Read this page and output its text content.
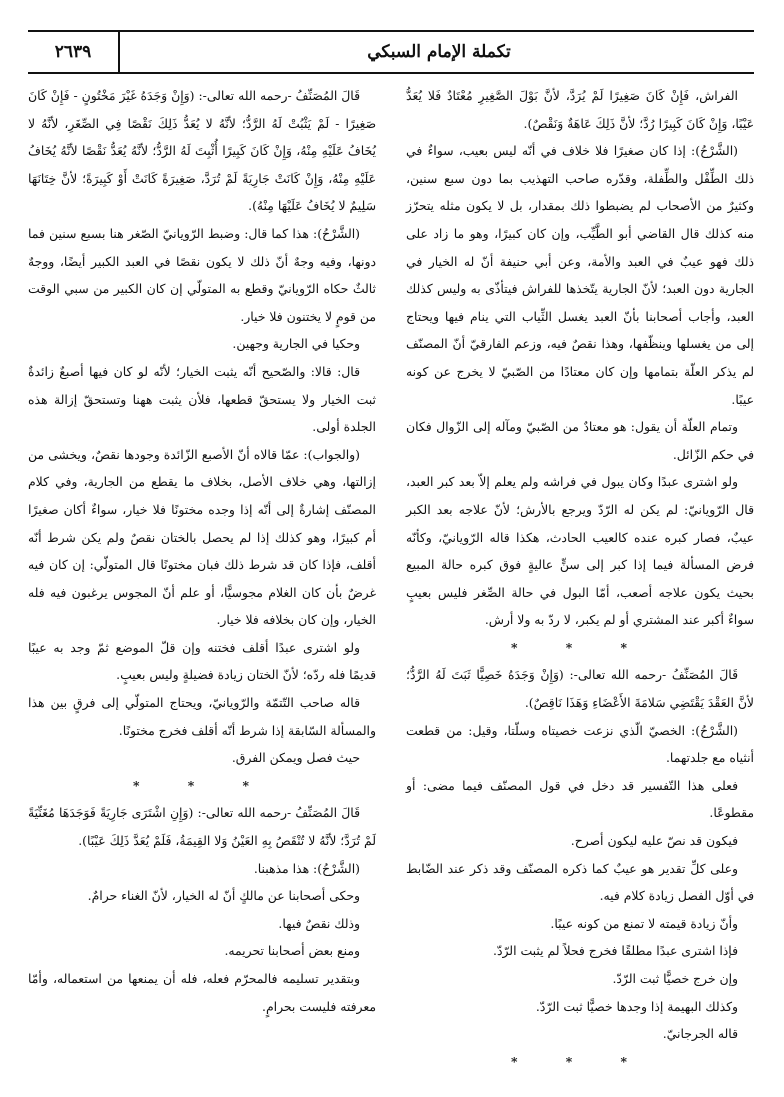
تكملة الإمام السبكي
٢٦٣٩

الفراش، فَإِنْ كَانَ صَغِيرًا لَمْ يُرَدَّ، لأنَّ بَوْلَ الصَّغِيرِ مُعْتَادٌ فَلا يُعَدُّ عَيْبًا، وَإِنْ كَانَ كَبِيرًا رُدَّ؛ لأنَّ ذَلِكَ عَاهَةٌ وَنَقْصٌ).

(الشَّرْحُ): إذا كان صغيرًا فلا خلاف في أنّه ليس بعيب، سواءٌ في ذلك الطِّفْل والطِّفلة، وقدّره صاحب التهذيب بما دون سبع سنين، وكثيرٌ من الأصحاب لم يضبطوا ذلك بمقدار، بل لا يكون مثله يتحرّز منه كذلك قال القاضي أبو الطَّيِّب، وإن كان كبيرًا، وهو ما زاد على ذلك فهو عيبٌ في العبد والأمة، وعن أبي حنيفة أنّ له الخيار في الجارية دون العبد؛ لأنّ الجارية يتّخذها للفراش فيتأذّى به وليس كذلك العبد، وأجاب أصحابنا بأنّ العبد يغسل الثِّياب التي ينام فيها ويحتاج إلى من يغسلها وينظّفها، وهذا نقصٌ فيه، وزعم الفارقيّ أنّ المصنّف لم يذكر العلّة بتمامها وإن كان معتادًا من الصّبيّ لا يخرج عن كونه عيبًا.

وتمام العلّة أن يقول: هو معتادٌ من الصّبيّ ومآله إلى الزّوال فكان في حكم الزّائل.

ولو اشترى عبدًا وكان يبول في فراشه ولم يعلم إلاّ بعد كبر العبد، قال الرّويانيّ: لم يكن له الرّدّ ويرجع بالأرش؛ لأنّ علاجه بعد الكبر عيبٌ، فصار كبره عنده كالعيب الحادث، هكذا قاله الرّويانيّ، وكأنّه فرض المسألة فيما إذا كبر إلى سنٍّ عاليةٍ فوق كبره حالة المبيع بحيث يكون علاجه أصعب، أمّا البول في حالة الصِّغر فليس بعيبٍ سواءٌ أكبر عند المشتري أو لم يكبر، لا ردّ به ولا أرش.

* * *

قَالَ المُصَنِّفُ -رحمه الله تعالى-: (وَإِنْ وَجَدَهُ خَصِيًّا ثَبَتَ لَهُ الرَّدُّ؛ لأنَّ العَقْدَ يَقْتَضِي سَلامَةَ الأَعْضَاءِ وَهَذَا نَاقِصٌ).

(الشَّرْحُ): الخصيّ الّذي نزعت خصيتاه وسلّتا، وقيل: من قطعت أنثياه مع جلدتهما.

فعلى هذا التّفسير قد دخل في قول المصنّف فيما مضى: أو مقطوعًا.

فيكون قد نصّ عليه ليكون أصرح.

وعلى كلِّ تقدير هو عيبٌ كما ذكره المصنّف وقد ذكر عند الضّابط في أوّل الفصل زيادة كلام فيه.

وأنّ زيادة قيمته لا تمنع من كونه عيبًا.

فإذا اشترى عبدًا مطلقًا فخرج فحلاً لم يثبت الرّدّ.

وإن خرج خصيًّا ثبت الرّدّ.

وكذلك البهيمة إذا وجدها خصيًّا ثبت الرّدّ.

قاله الجرجانيّ.

* * *

قَالَ المُصَنِّفُ -رحمه الله تعالى-: (وَإِنْ وَجَدَهُ غَيْرَ مَخْتُونٍ - فَإِنْ كَانَ صَغِيرًا - لَمْ يَثْبُتْ لَهُ الرَّدُّ؛ لأنَّهُ لا يُعَدُّ ذَلِكَ نَقْصًا فِي الصِّغَرِ، لأنَّهُ لا يُخَافُ عَلَيْهِ مِنْهُ، وَإِنْ كَانَ كَبِيرًا أُثْبِتَ لَهُ الرَّدُّ؛ لأنَّهُ يُعَدُّ نَقْصًا لأنَّهُ يُخَافُ عَلَيْهِ مِنْهُ، وَإِنْ كَانَتْ جَارِيَةً لَمْ تُرَدَّ، صَغِيرَةً كَانَتْ أَوْ كَبِيرَةً؛ لأنَّ خِتَانَهَا سَلِيمٌ لا يُخَافُ عَلَيْهَا مِنْهُ).

(الشَّرْحُ): هذا كما قال: وضبط الرّويانيّ الصّغر هنا بسبع سنين فما دونها، وفيه وجهٌ أنّ ذلك لا يكون نقصًا في العبد الكبير أيضًا، ووجهٌ ثالثٌ حكاه الرّويانيّ وقطع به المتولّي إن كان الكبير من سبي الوقت من قومٍ لا يختنون فلا خيار.

وحكيا في الجارية وجهين.

قال: قالا: والصّحيح أنّه يثبت الخيار؛ لأنّه لو كان فيها أصبعٌ زائدةٌ ثبت الخيار ولا يستحقّ قطعها، فلأن يثبت ههنا وتستحقّ إزالة هذه الجلدة أولى.

(والجواب): عمّا قالاه أنّ الأصبع الزّائدة وجودها نقصٌ، ويخشى من إزالتها، وهي خلاف الأصل، بخلاف ما يقطع من الجارية، وفي كلام المصنّف إشارةٌ إلى أنّه إذا وجده مختونًا فلا خيار، سواءٌ أكان صغيرًا أم كبيرًا، وهو كذلك إذا لم يحصل بالختان نقصٌ ولم يكن شرط أنّه أقلف، فإذا كان قد شرط ذلك فبان مختونًا قال المتولّي: إن كان فيه غرضٌ بأن كان الغلام مجوسيًّا، أو علم أنّ المجوس يرغبون فيه فله الخيار، وإن كان بخلافه فلا خيار.

ولو اشترى عبدًا أقلف فختنه وإن قلّ الموضع ثمّ وجد به عيبًا قديمًا فله ردّه؛ لأنّ الختان زيادة فضيلةٍ وليس بعيبٍ.

قاله صاحب التّتمّة والرّويانيّ، ويحتاج المتولّي إلى فرقٍ بين هذا والمسألة السّابقة إذا شرط أنّه أقلف فخرج مختونًا.

حيث فصل ويمكن الفرق.

* * *

قَالَ المُصَنِّفُ -رحمه الله تعالى-: (وَإِنِ اشْتَرَى جَارِيَةً فَوَجَدَهَا مُغَنِّيَةً لَمْ تُرَدَّ؛ لأنَّهُ لا تُنْقَصُ بِهِ العَيْنُ وَلا القِيمَةُ، فَلَمْ يُعَدَّ ذَلِكَ عَيْبًا).

(الشَّرْحُ): هذا مذهبنا.

وحكى أصحابنا عن مالكٍ أنّ له الخيار، لأنّ الغناء حرامٌ.

وذلك نقصٌ فيها.

ومنع بعض أصحابنا تحريمه.

وبتقدير تسليمه فالمحرّم فعله، فله أن يمنعها من استعماله، وأمّا معرفته فليست بحرامٍ.
